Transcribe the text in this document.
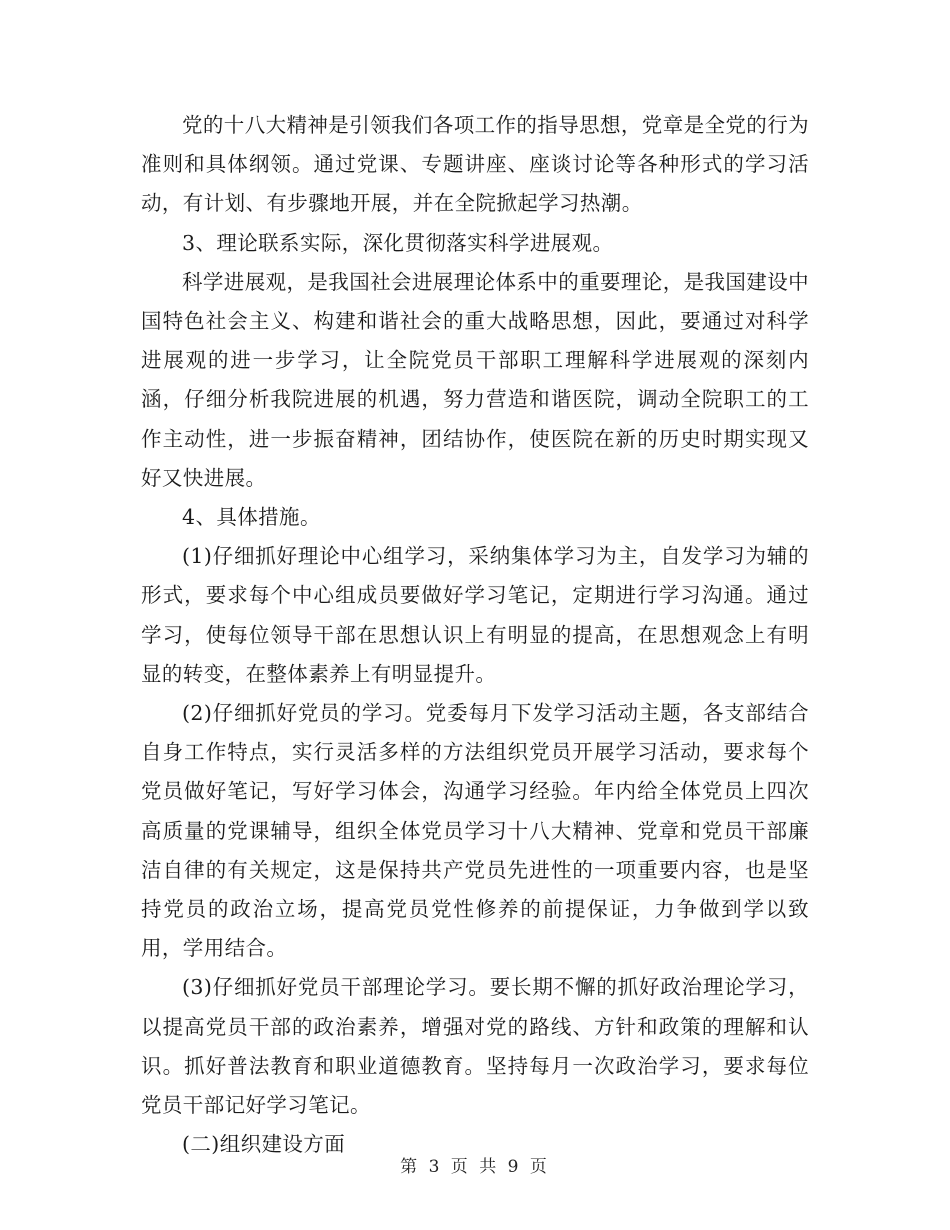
党的十八大精神是引领我们各项工作的指导思想，党章是全党的行为准则和具体纲领。通过党课、专题讲座、座谈讨论等各种形式的学习活动，有计划、有步骤地开展，并在全院掀起学习热潮。

3、理论联系实际，深化贯彻落实科学进展观。

科学进展观，是我国社会进展理论体系中的重要理论，是我国建设中国特色社会主义、构建和谐社会的重大战略思想，因此，要通过对科学进展观的进一步学习，让全院党员干部职工理解科学进展观的深刻内涵，仔细分析我院进展的机遇，努力营造和谐医院，调动全院职工的工作主动性，进一步振奋精神，团结协作，使医院在新的历史时期实现又好又快进展。

4、具体措施。

(1)仔细抓好理论中心组学习，采纳集体学习为主，自发学习为辅的形式，要求每个中心组成员要做好学习笔记，定期进行学习沟通。通过学习，使每位领导干部在思想认识上有明显的提高，在思想观念上有明显的转变，在整体素养上有明显提升。

(2)仔细抓好党员的学习。党委每月下发学习活动主题，各支部结合自身工作特点，实行灵活多样的方法组织党员开展学习活动，要求每个党员做好笔记，写好学习体会，沟通学习经验。年内给全体党员上四次高质量的党课辅导，组织全体党员学习十八大精神、党章和党员干部廉洁自律的有关规定，这是保持共产党员先进性的一项重要内容，也是坚持党员的政治立场，提高党员党性修养的前提保证，力争做到学以致用，学用结合。

(3)仔细抓好党员干部理论学习。要长期不懈的抓好政治理论学习，以提高党员干部的政治素养，增强对党的路线、方针和政策的理解和认识。抓好普法教育和职业道德教育。坚持每月一次政治学习，要求每位党员干部记好学习笔记。

(二)组织建设方面

第 3 页 共 9 页
